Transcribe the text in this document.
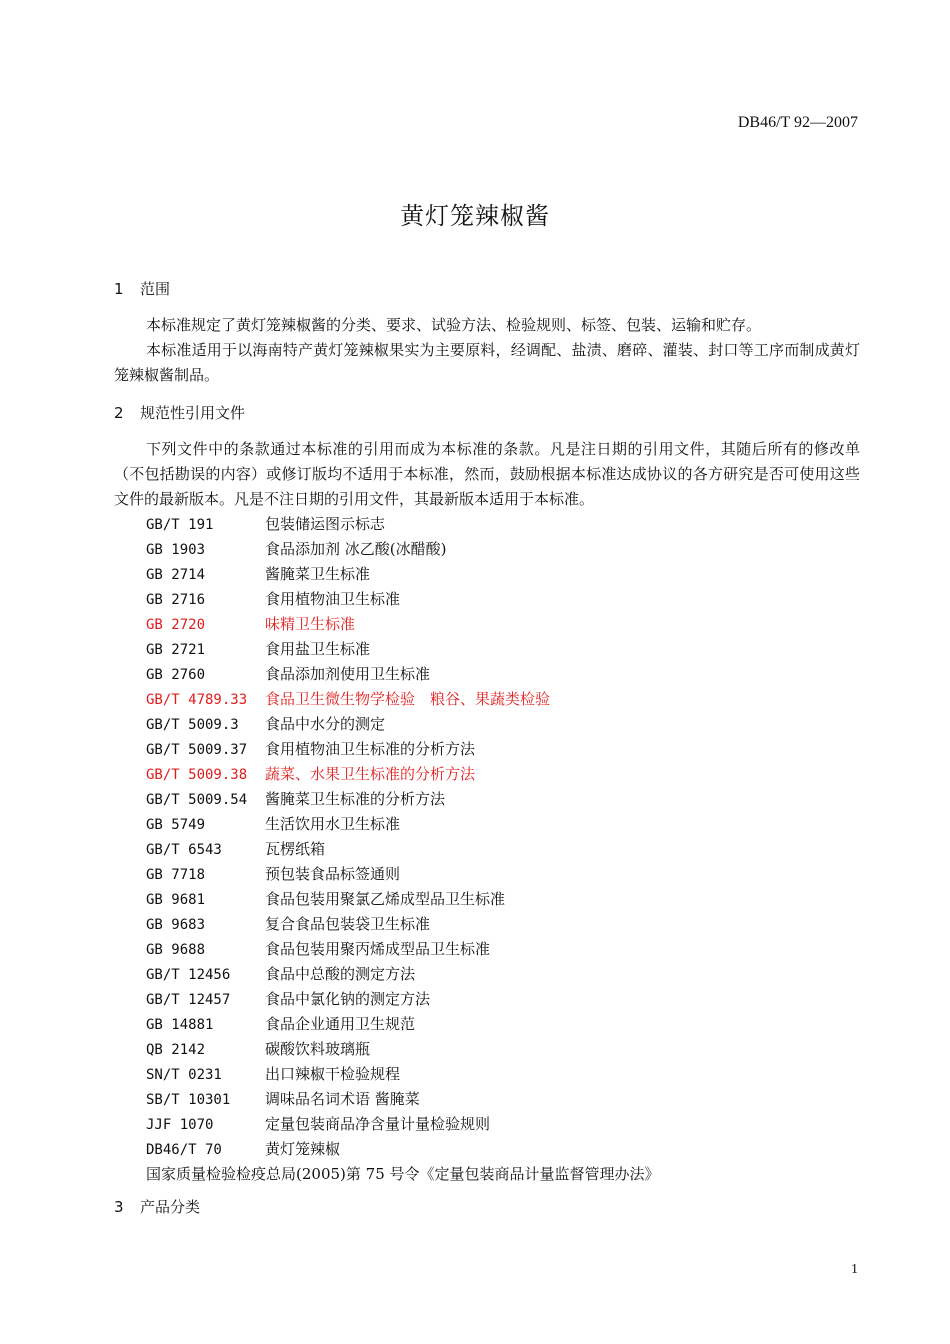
DB46/T 92—2007
黄灯笼辣椒酱
1 范围
本标准规定了黄灯笼辣椒酱的分类、要求、试验方法、检验规则、标签、包装、运输和贮存。
本标准适用于以海南特产黄灯笼辣椒果实为主要原料，经调配、盐渍、磨碎、灌装、封口等工序而制成黄灯笼辣椒酱制品。
2 规范性引用文件
下列文件中的条款通过本标准的引用而成为本标准的条款。凡是注日期的引用文件，其随后所有的修改单（不包括勘误的内容）或修订版均不适用于本标准，然而，鼓励根据本标准达成协议的各方研究是否可使用这些文件的最新版本。凡是不注日期的引用文件，其最新版本适用于本标准。
GB/T 191	包装储运图示标志
GB 1903	食品添加剂 冰乙酸(冰醋酸)
GB 2714	酱腌菜卫生标准
GB 2716	食用植物油卫生标准
GB 2720	味精卫生标准
GB 2721	食用盐卫生标准
GB 2760	食品添加剂使用卫生标准
GB/T 4789.33 食品卫生微生物学检验　粮谷、果蔬类检验
GB/T 5009.3 食品中水分的测定
GB/T 5009.37 食用植物油卫生标准的分析方法
GB/T 5009.38 蔬菜、水果卫生标准的分析方法
GB/T 5009.54 酱腌菜卫生标准的分析方法
GB 5749	生活饮用水卫生标准
GB/T 6543	瓦楞纸箱
GB 7718	预包装食品标签通则
GB 9681	食品包装用聚氯乙烯成型品卫生标准
GB 9683	复合食品包装袋卫生标准
GB 9688	食品包装用聚丙烯成型品卫生标准
GB/T 12456 食品中总酸的测定方法
GB/T 12457 食品中氯化钠的测定方法
GB 14881	食品企业通用卫生规范
QB 2142	碳酸饮料玻璃瓶
SN/T 0231	出口辣椒干检验规程
SB/T 10301 调味品名词术语 酱腌菜
JJF 1070	定量包装商品净含量计量检验规则
DB46/T 70	黄灯笼辣椒
国家质量检验检疫总局(2005)第 75 号令《定量包装商品计量监督管理办法》
3 产品分类
1
